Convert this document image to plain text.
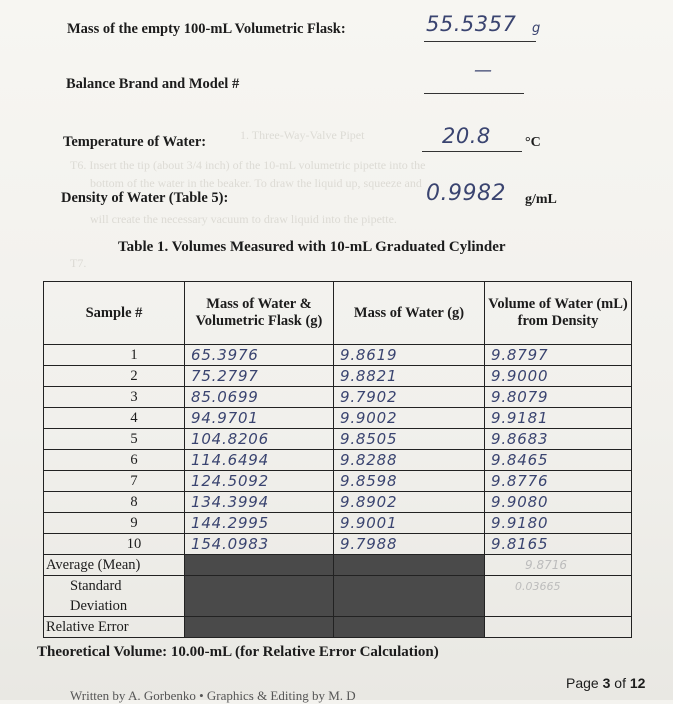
1. Three-Way-Valve Pipet
T6. Insert the tip (about 3/4 inch) of the 10-mL volumetric pipette into the
bottom of the water in the beaker. To draw the liquid up, squeeze and
will create the necessary vacuum to draw liquid into the pipette.
T7.
Mass of the empty 100-mL Volumetric Flask:	55.5357 g
Balance Brand and Model #
—
Temperature of Water:	20.8 °C
Density of Water (Table 5):	0.9982 g/mL
Table 1. Volumes Measured with 10-mL Graduated Cylinder
Sample #	Mass of Water & Volumetric Flask (g)	Mass of Water (g)	Volume of Water (mL) from Density
1	65.3976	9.8619	9.8797
2	75.2797	9.8821	9.9000
3	85.0699	9.7902	9.8079
4	94.9701	9.9002	9.9181
5	104.8206	9.8505	9.8683
6	114.6494	9.8288	9.8465
7	124.5092	9.8598	9.8776
8	134.3994	9.8902	9.9080
9	144.2995	9.9001	9.9180
10	154.0983	9.7988	9.8165
Average (Mean)			9.8716
Standard			0.03665
Deviation			
Relative Error			
Theoretical Volume: 10.00-mL (for Relative Error Calculation)
Page 3 of 12
Written by A. Gorbenko • Graphics & Editing by M. D
